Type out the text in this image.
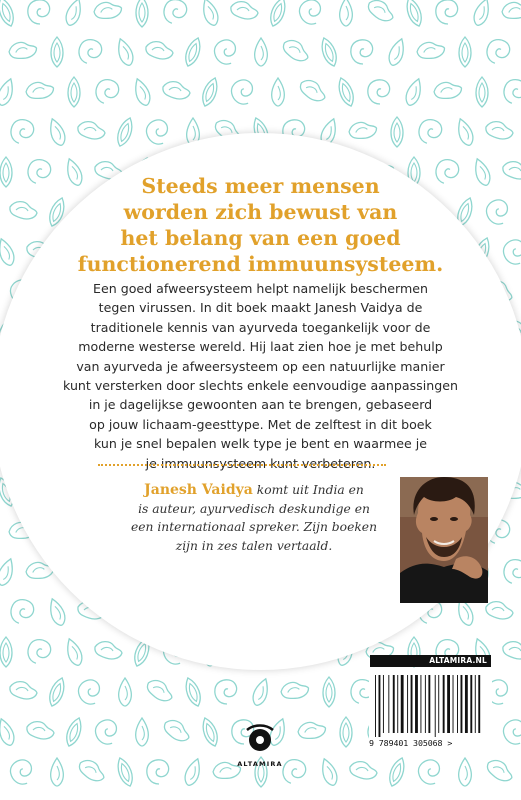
Steeds meer mensen
worden zich bewust van
het belang van een goed
functionerend immuunsysteem.
Een goed afweersysteem helpt namelijk beschermen
tegen virussen. In dit boek maakt Janesh Vaidya de
traditionele kennis van ayurveda toegankelijk voor de
moderne westerse wereld. Hij laat zien hoe je met behulp
van ayurveda je afweersysteem op een natuurlijke manier
kunt versterken door slechts enkele eenvoudige aanpassingen
in je dagelijkse gewoonten aan te brengen, gebaseerd
op jouw lichaam-geesttype. Met de zelftest in dit boek
kun je snel bepalen welk type je bent en waarmee je
je immuunsysteem kunt verbeteren.
Janesh Vaidya komt uit India en
is auteur, ayurvedisch deskundige en
een internationaal spreker. Zijn boeken
zijn in zes talen vertaald.
ALTAMIRA.NL
9 789401 305068 >
ALTAMIRA
